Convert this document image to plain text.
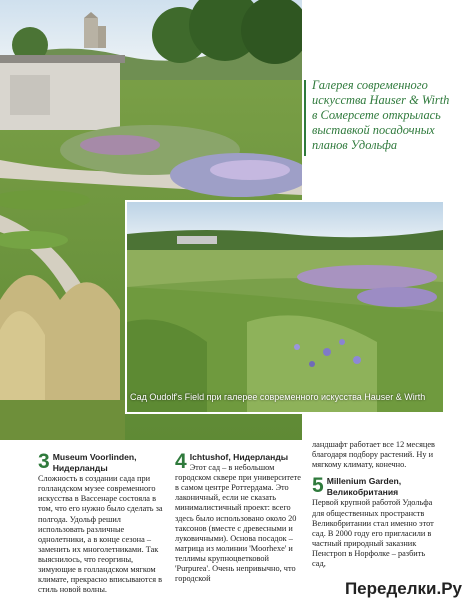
Галерея современного
искусства Hauser & Wirth
в Сомерсете открылась
выставкой посадочных
планов Удольфа
Сад Oudolf's Field при галерее современного искусства Hauser & Wirth
3 Museum Voorlinden, Нидерланды
Сложность в создании сада при голландском музее современного искусства в Вассенаре состояла в том, что его нужно было сделать за полгода. Удольф решил использовать различные однолетники, а в конце сезона – заменить их многолетниками. Так выяснилось, что георгины, зимующие в голландском мягком климате, прекрасно вписываются в стиль новой волны.

4 Ichtushof, Нидерланды
Этот сад – в небольшом городском сквере при университете в самом центре Роттердама. Это лаконичный, если не сказать минималистичный проект: всего здесь было использовано около 20 таксонов (вместе с древесными и луковичными). Основа посадок – матрица из молинии 'Moorhexe' и теллимы крупноцветковой 'Purpurea'. Очень непривычно, что городской

ландшафт работает все 12 месяцев благодаря подбору растений. Ну и мягкому климату, конечно.

5 Millenium Garden, Великобритания
Первой крупной работой Удольфа для общественных пространств Великобритании стал именно этот сад. В 2000 году его пригласили в частный природный заказник Пенстроп в Норфолке – разбить сад,

Переделки.Ру
